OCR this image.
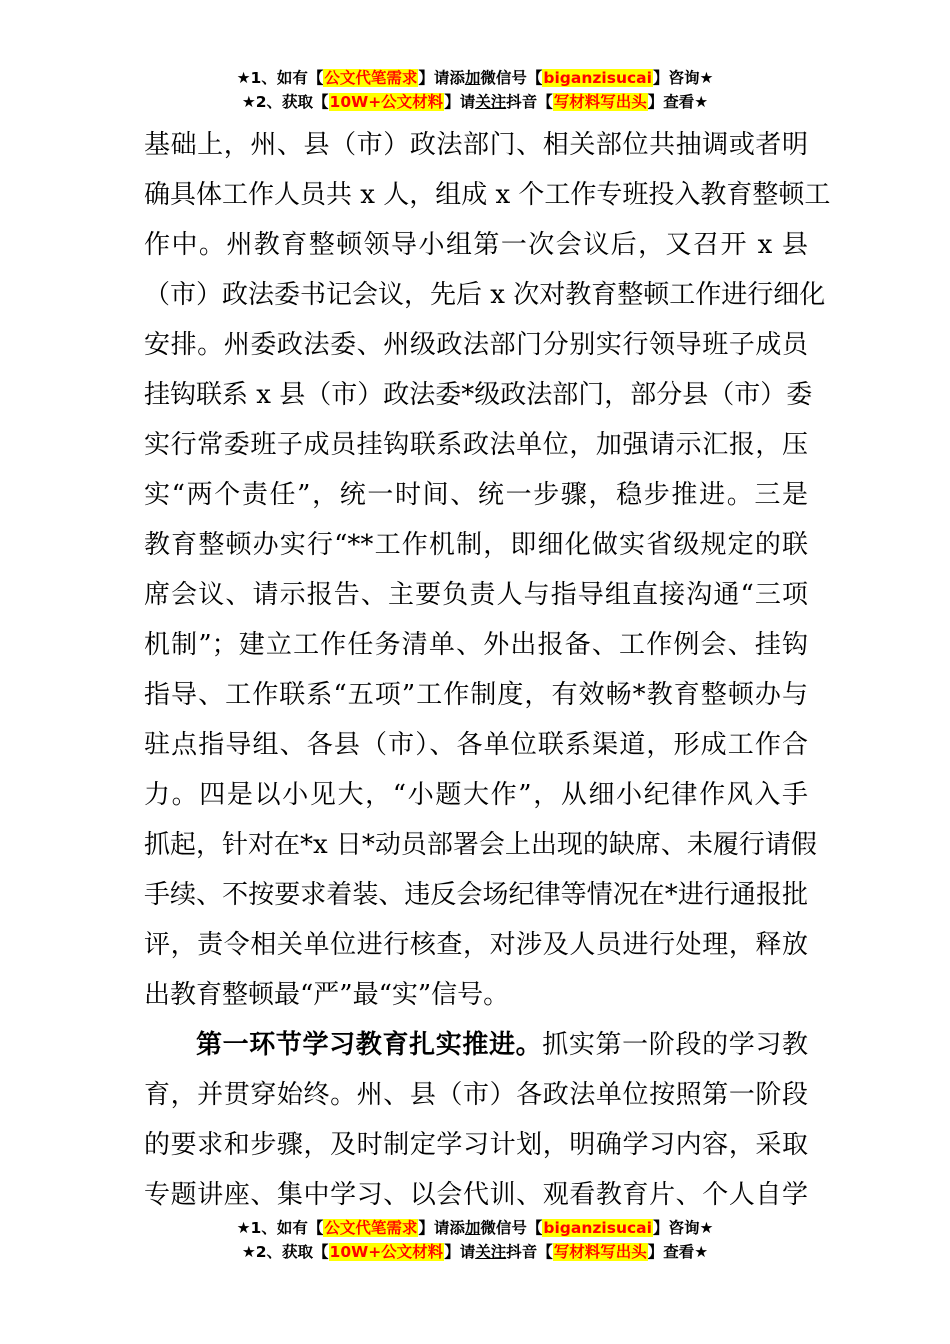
★1、如有【公文代笔需求】请添加微信号【biganzisucai】咨询★
★2、获取【10W+公文材料】请关注抖音【写材料写出头】查看★
基础上，州、县（市）政法部门、相关部位共抽调或者明
确具体工作人员共 x 人，组成 x 个工作专班投入教育整顿工
作中。州教育整顿领导小组第一次会议后，又召开 x 县
（市）政法委书记会议，先后 x 次对教育整顿工作进行细化
安排。州委政法委、州级政法部门分别实行领导班子成员
挂钩联系 x 县（市）政法委*级政法部门，部分县（市）委
实行常委班子成员挂钩联系政法单位，加强请示汇报，压
实“两个责任”，统一时间、统一步骤，稳步推进。三是
教育整顿办实行“**工作机制，即细化做实省级规定的联
席会议、请示报告、主要负责人与指导组直接沟通“三项
机制”；建立工作任务清单、外出报备、工作例会、挂钩
指导、工作联系“五项”工作制度，有效畅*教育整顿办与
驻点指导组、各县（市）、各单位联系渠道，形成工作合
力。四是以小见大，“小题大作”，从细小纪律作风入手
抓起，针对在*x 日*动员部署会上出现的缺席、未履行请假
手续、不按要求着装、违反会场纪律等情况在*进行通报批
评，责令相关单位进行核查，对涉及人员进行处理，释放
出教育整顿最“严”最“实”信号。
第一环节学习教育扎实推进。抓实第一阶段的学习教
育，并贯穿始终。州、县（市）各政法单位按照第一阶段
的要求和步骤，及时制定学习计划，明确学习内容，采取
专题讲座、集中学习、以会代训、观看教育片、个人自学
★1、如有【公文代笔需求】请添加微信号【biganzisucai】咨询★
★2、获取【10W+公文材料】请关注抖音【写材料写出头】查看★
